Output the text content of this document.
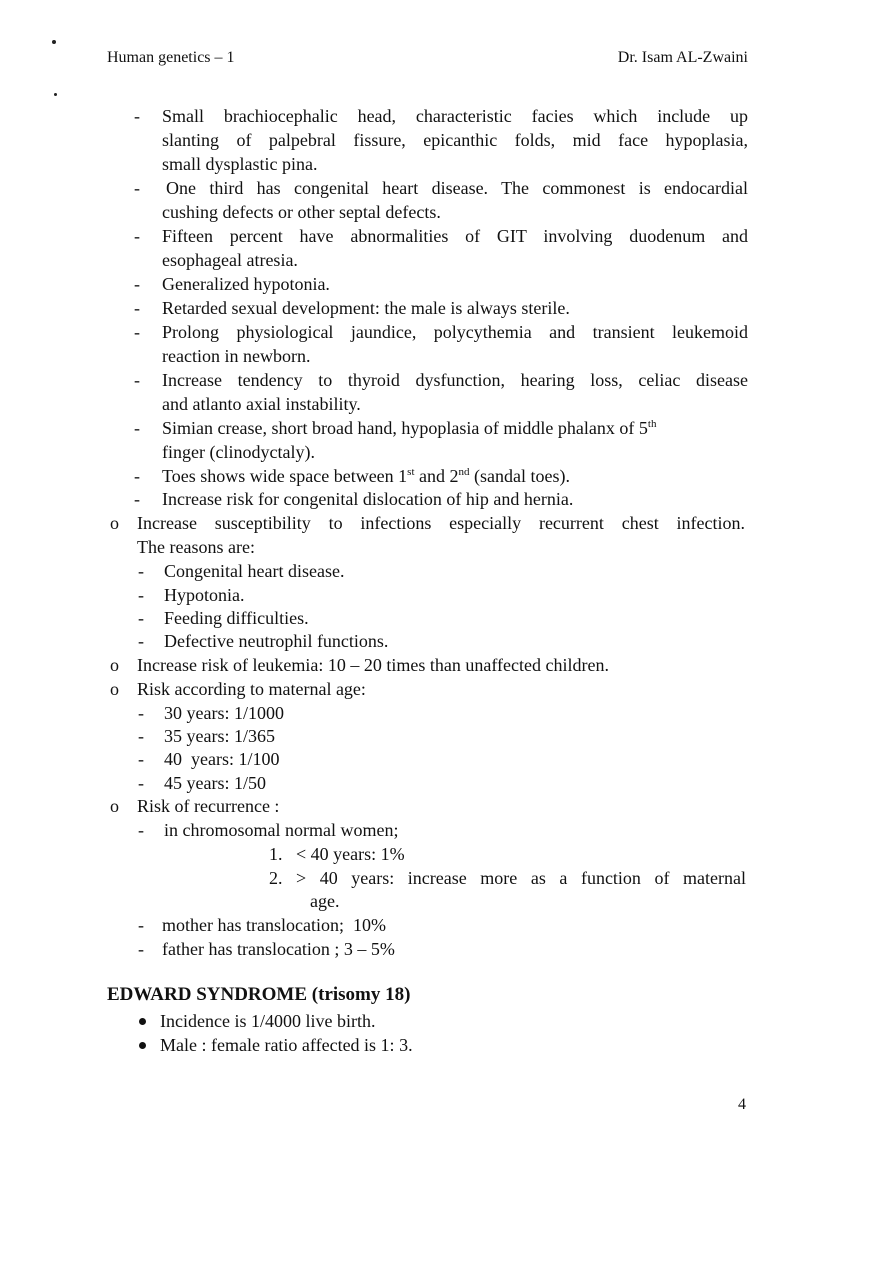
Human genetics – 1	Dr. Isam AL-Zwaini
- Small brachiocephalic head, characteristic facies which include up
slanting of palpebral fissure, epicanthic folds, mid face hypoplasia,
small dysplastic pina.
- One third has congenital heart disease. The commonest is endocardial
cushing defects or other septal defects.
- Fifteen percent have abnormalities of GIT involving duodenum and
esophageal atresia.
- Generalized hypotonia.
- Retarded sexual development: the male is always sterile.
- Prolong physiological jaundice, polycythemia and transient leukemoid
reaction in newborn.
- Increase tendency to thyroid dysfunction, hearing loss, celiac disease
and atlanto axial instability.
- Simian crease, short broad hand, hypoplasia of middle phalanx of 5th
finger (clinodyctaly).
- Toes shows wide space between 1st and 2nd (sandal toes).
- Increase risk for congenital dislocation of hip and hernia.
o Increase susceptibility to infections especially recurrent chest infection.
The reasons are:
- Congenital heart disease.
- Hypotonia.
- Feeding difficulties.
- Defective neutrophil functions.
o Increase risk of leukemia: 10 – 20 times than unaffected children.
o Risk according to maternal age:
- 30 years: 1/1000
- 35 years: 1/365
- 40  years: 1/100
- 45 years: 1/50
o Risk of recurrence :
- in chromosomal normal women;
1. < 40 years: 1%
2. > 40 years: increase more as a function of maternal
age.
- mother has translocation;  10%
- father has translocation ; 3 – 5%
EDWARD SYNDROME (trisomy 18)
Incidence is 1/4000 live birth.
Male : female ratio affected is 1: 3.
4
